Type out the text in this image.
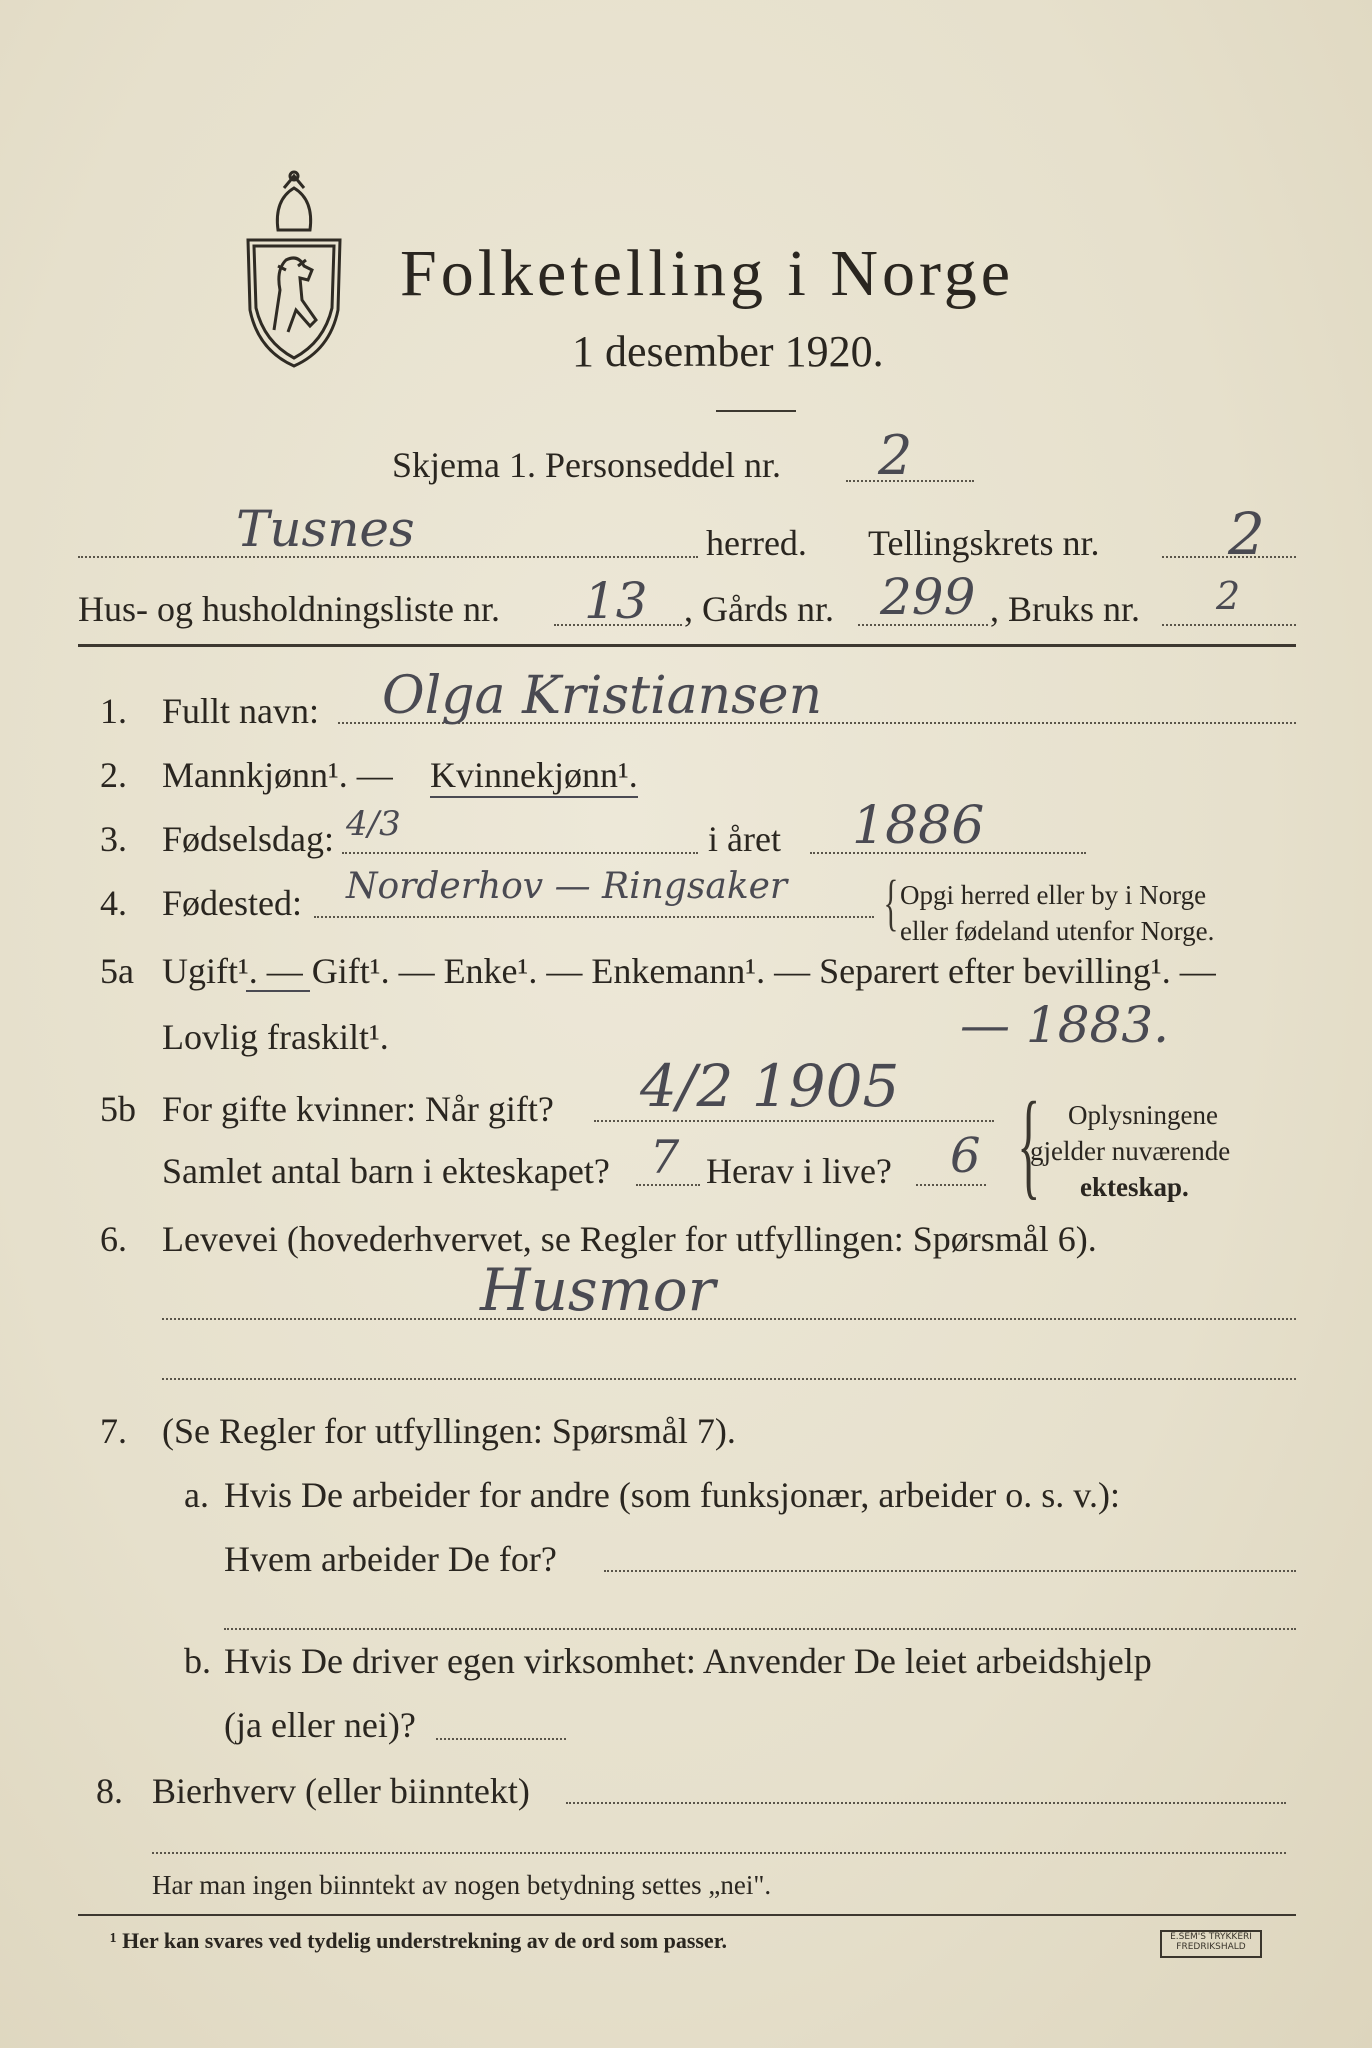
Folketelling i Norge
1 desember 1920.
Skjema 1. Personseddel nr. 2
Tusnes	herred. Tellingskrets nr. 2
Hus- og husholdningsliste nr. 13 , Gårds nr. 299 , Bruks nr. 2
1. Fullt navn: Olga Kristiansen
2. Mannkjønn¹. — Kvinnekjønn¹.
3. Fødselsdag: 4/3	i året 1886
4. Fødested: Norderhov — Ringsaker { Opgi herred eller by i Norge
eller fødeland utenfor Norge.
5a Ugift¹. — Gift¹. — Enke¹. — Enkemann¹. — Separert efter bevilling¹. —
Lovlig fraskilt¹.	— 1883.
5b For gifte kvinner: Når gift? 4/2 1905
Samlet antal barn i ekteskapet? 7 Herav i live? 6 { Oplysningene
gjelder nuværende
ekteskap.
6. Levevei (hovederhvervet, se Regler for utfyllingen: Spørsmål 6).
Husmor
7. (Se Regler for utfyllingen: Spørsmål 7).
a. Hvis De arbeider for andre (som funksjonær, arbeider o. s. v.):
Hvem arbeider De for?
b. Hvis De driver egen virksomhet: Anvender De leiet arbeidshjelp
(ja eller nei)?
8. Bierhverv (eller biinntekt)
Har man ingen biinntekt av nogen betydning settes „nei".
¹ Her kan svares ved tydelig understrekning av de ord som passer.	E.SEM'S TRYKKERI
FREDRIKSHALD
